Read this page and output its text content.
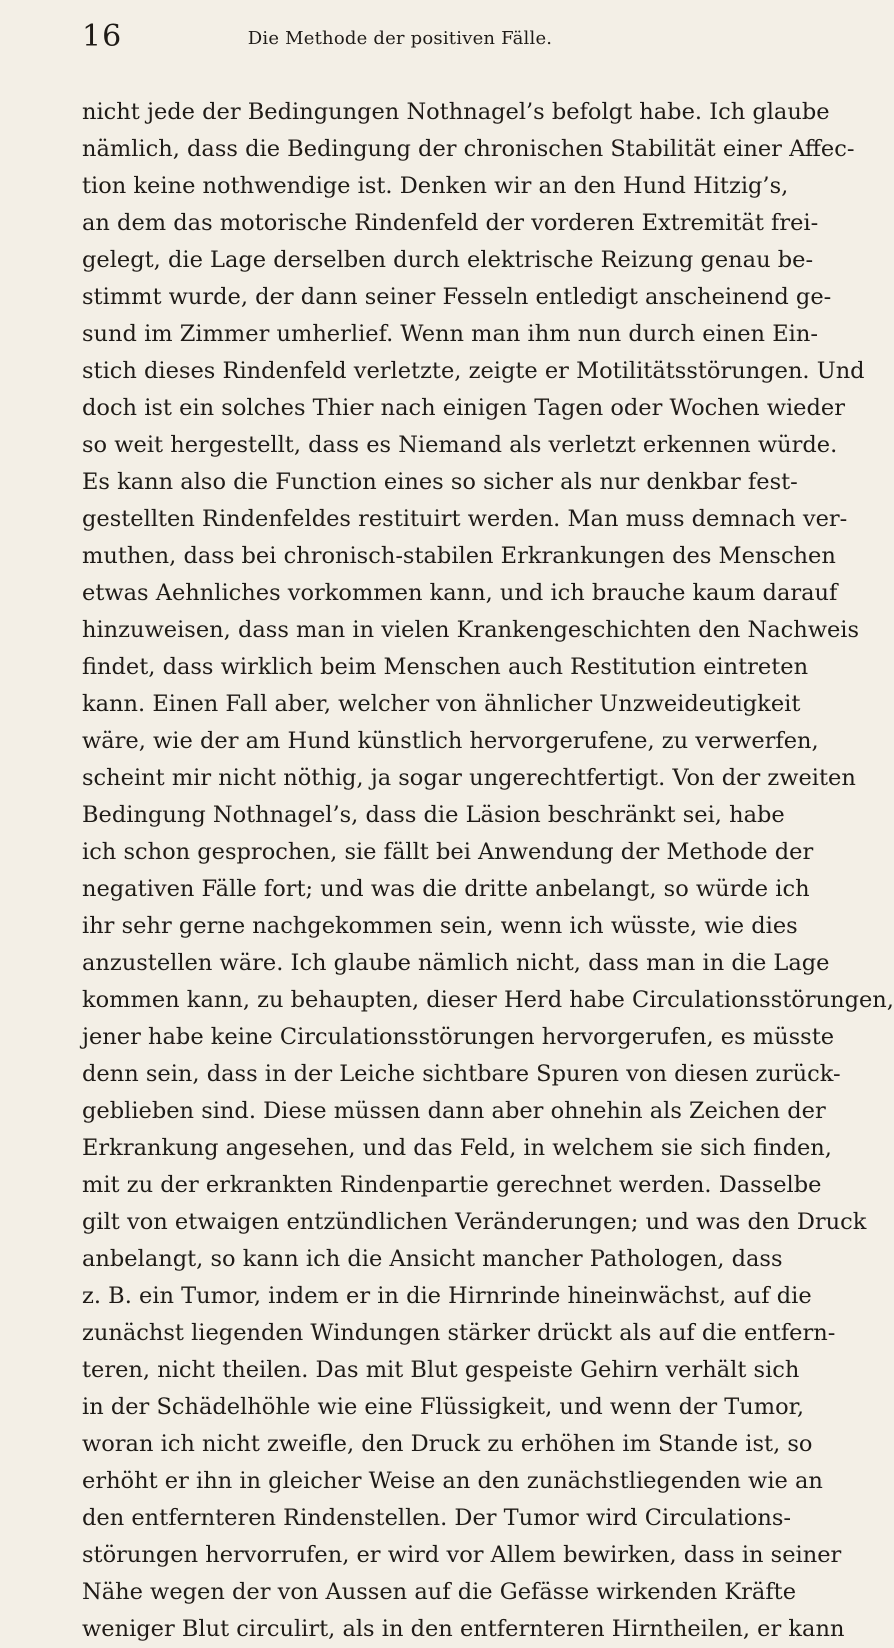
16	Die Methode der positiven Fälle.
nicht jede der Bedingungen Nothnagel’s befolgt habe. Ich glaube
nämlich, dass die Bedingung der chronischen Stabilität einer Affec-
tion keine nothwendige ist. Denken wir an den Hund Hitzig’s,
an dem das motorische Rindenfeld der vorderen Extremität frei-
gelegt, die Lage derselben durch elektrische Reizung genau be-
stimmt wurde, der dann seiner Fesseln entledigt anscheinend ge-
sund im Zimmer umherlief. Wenn man ihm nun durch einen Ein-
stich dieses Rindenfeld verletzte, zeigte er Motilitätsstörungen. Und
doch ist ein solches Thier nach einigen Tagen oder Wochen wieder
so weit hergestellt, dass es Niemand als verletzt erkennen würde.
Es kann also die Function eines so sicher als nur denkbar fest-
gestellten Rindenfeldes restituirt werden. Man muss demnach ver-
muthen, dass bei chronisch-stabilen Erkrankungen des Menschen
etwas Aehnliches vorkommen kann, und ich brauche kaum darauf
hinzuweisen, dass man in vielen Krankengeschichten den Nachweis
findet, dass wirklich beim Menschen auch Restitution eintreten
kann. Einen Fall aber, welcher von ähnlicher Unzweideutigkeit
wäre, wie der am Hund künstlich hervorgerufene, zu verwerfen,
scheint mir nicht nöthig, ja sogar ungerechtfertigt. Von der zweiten
Bedingung Nothnagel’s, dass die Läsion beschränkt sei, habe
ich schon gesprochen, sie fällt bei Anwendung der Methode der
negativen Fälle fort; und was die dritte anbelangt, so würde ich
ihr sehr gerne nachgekommen sein, wenn ich wüsste, wie dies
anzustellen wäre. Ich glaube nämlich nicht, dass man in die Lage
kommen kann, zu behaupten, dieser Herd habe Circulationsstörungen,
jener habe keine Circulationsstörungen hervorgerufen, es müsste
denn sein, dass in der Leiche sichtbare Spuren von diesen zurück-
geblieben sind. Diese müssen dann aber ohnehin als Zeichen der
Erkrankung angesehen, und das Feld, in welchem sie sich finden,
mit zu der erkrankten Rindenpartie gerechnet werden. Dasselbe
gilt von etwaigen entzündlichen Veränderungen; und was den Druck
anbelangt, so kann ich die Ansicht mancher Pathologen, dass
z. B. ein Tumor, indem er in die Hirnrinde hineinwächst, auf die
zunächst liegenden Windungen stärker drückt als auf die entfern-
teren, nicht theilen. Das mit Blut gespeiste Gehirn verhält sich
in der Schädelhöhle wie eine Flüssigkeit, und wenn der Tumor,
woran ich nicht zweifle, den Druck zu erhöhen im Stande ist, so
erhöht er ihn in gleicher Weise an den zunächstliegenden wie an
den entfernteren Rindenstellen. Der Tumor wird Circulations-
störungen hervorrufen, er wird vor Allem bewirken, dass in seiner
Nähe wegen der von Aussen auf die Gefässe wirkenden Kräfte
weniger Blut circulirt, als in den entfernteren Hirntheilen, er kann
